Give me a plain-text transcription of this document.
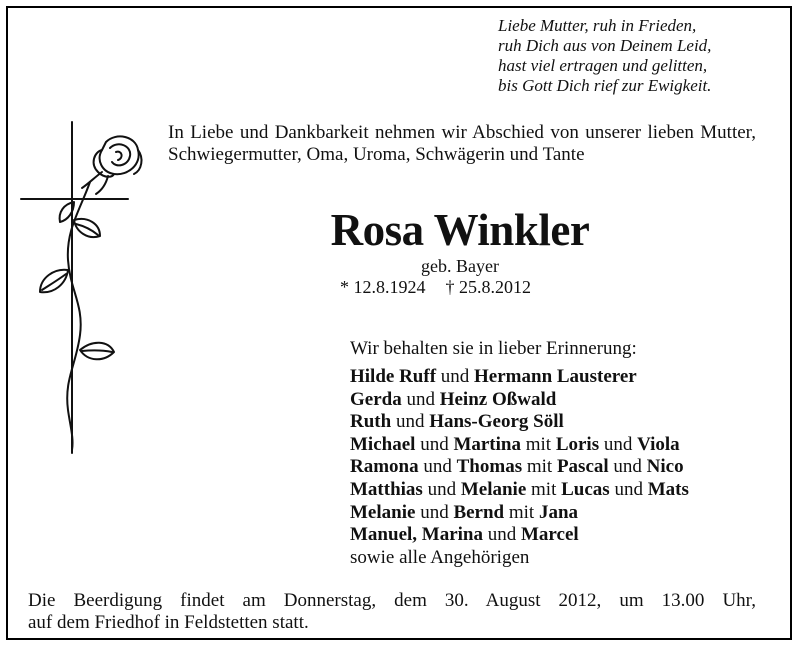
Liebe Mutter, ruh in Frieden,
ruh Dich aus von Deinem Leid,
hast viel ertragen und gelitten,
bis Gott Dich rief zur Ewigkeit.
In Liebe und Dankbarkeit nehmen wir Abschied von unserer lieben Mutter, Schwiegermutter, Oma, Uroma, Schwägerin und Tante
Rosa Winkler
geb. Bayer
* 12.8.1924 † 25.8.2012
Wir behalten sie in lieber Erinnerung:
Hilde Ruff und Hermann Lausterer
Gerda und Heinz Oßwald
Ruth und Hans-Georg Söll
Michael und Martina mit Loris und Viola
Ramona und Thomas mit Pascal und Nico
Matthias und Melanie mit Lucas und Mats
Melanie und Bernd mit Jana
Manuel, Marina und Marcel
sowie alle Angehörigen
Die Beerdigung findet am Donnerstag, dem 30. August 2012, um 13.00 Uhr,
auf dem Friedhof in Feldstetten statt.
